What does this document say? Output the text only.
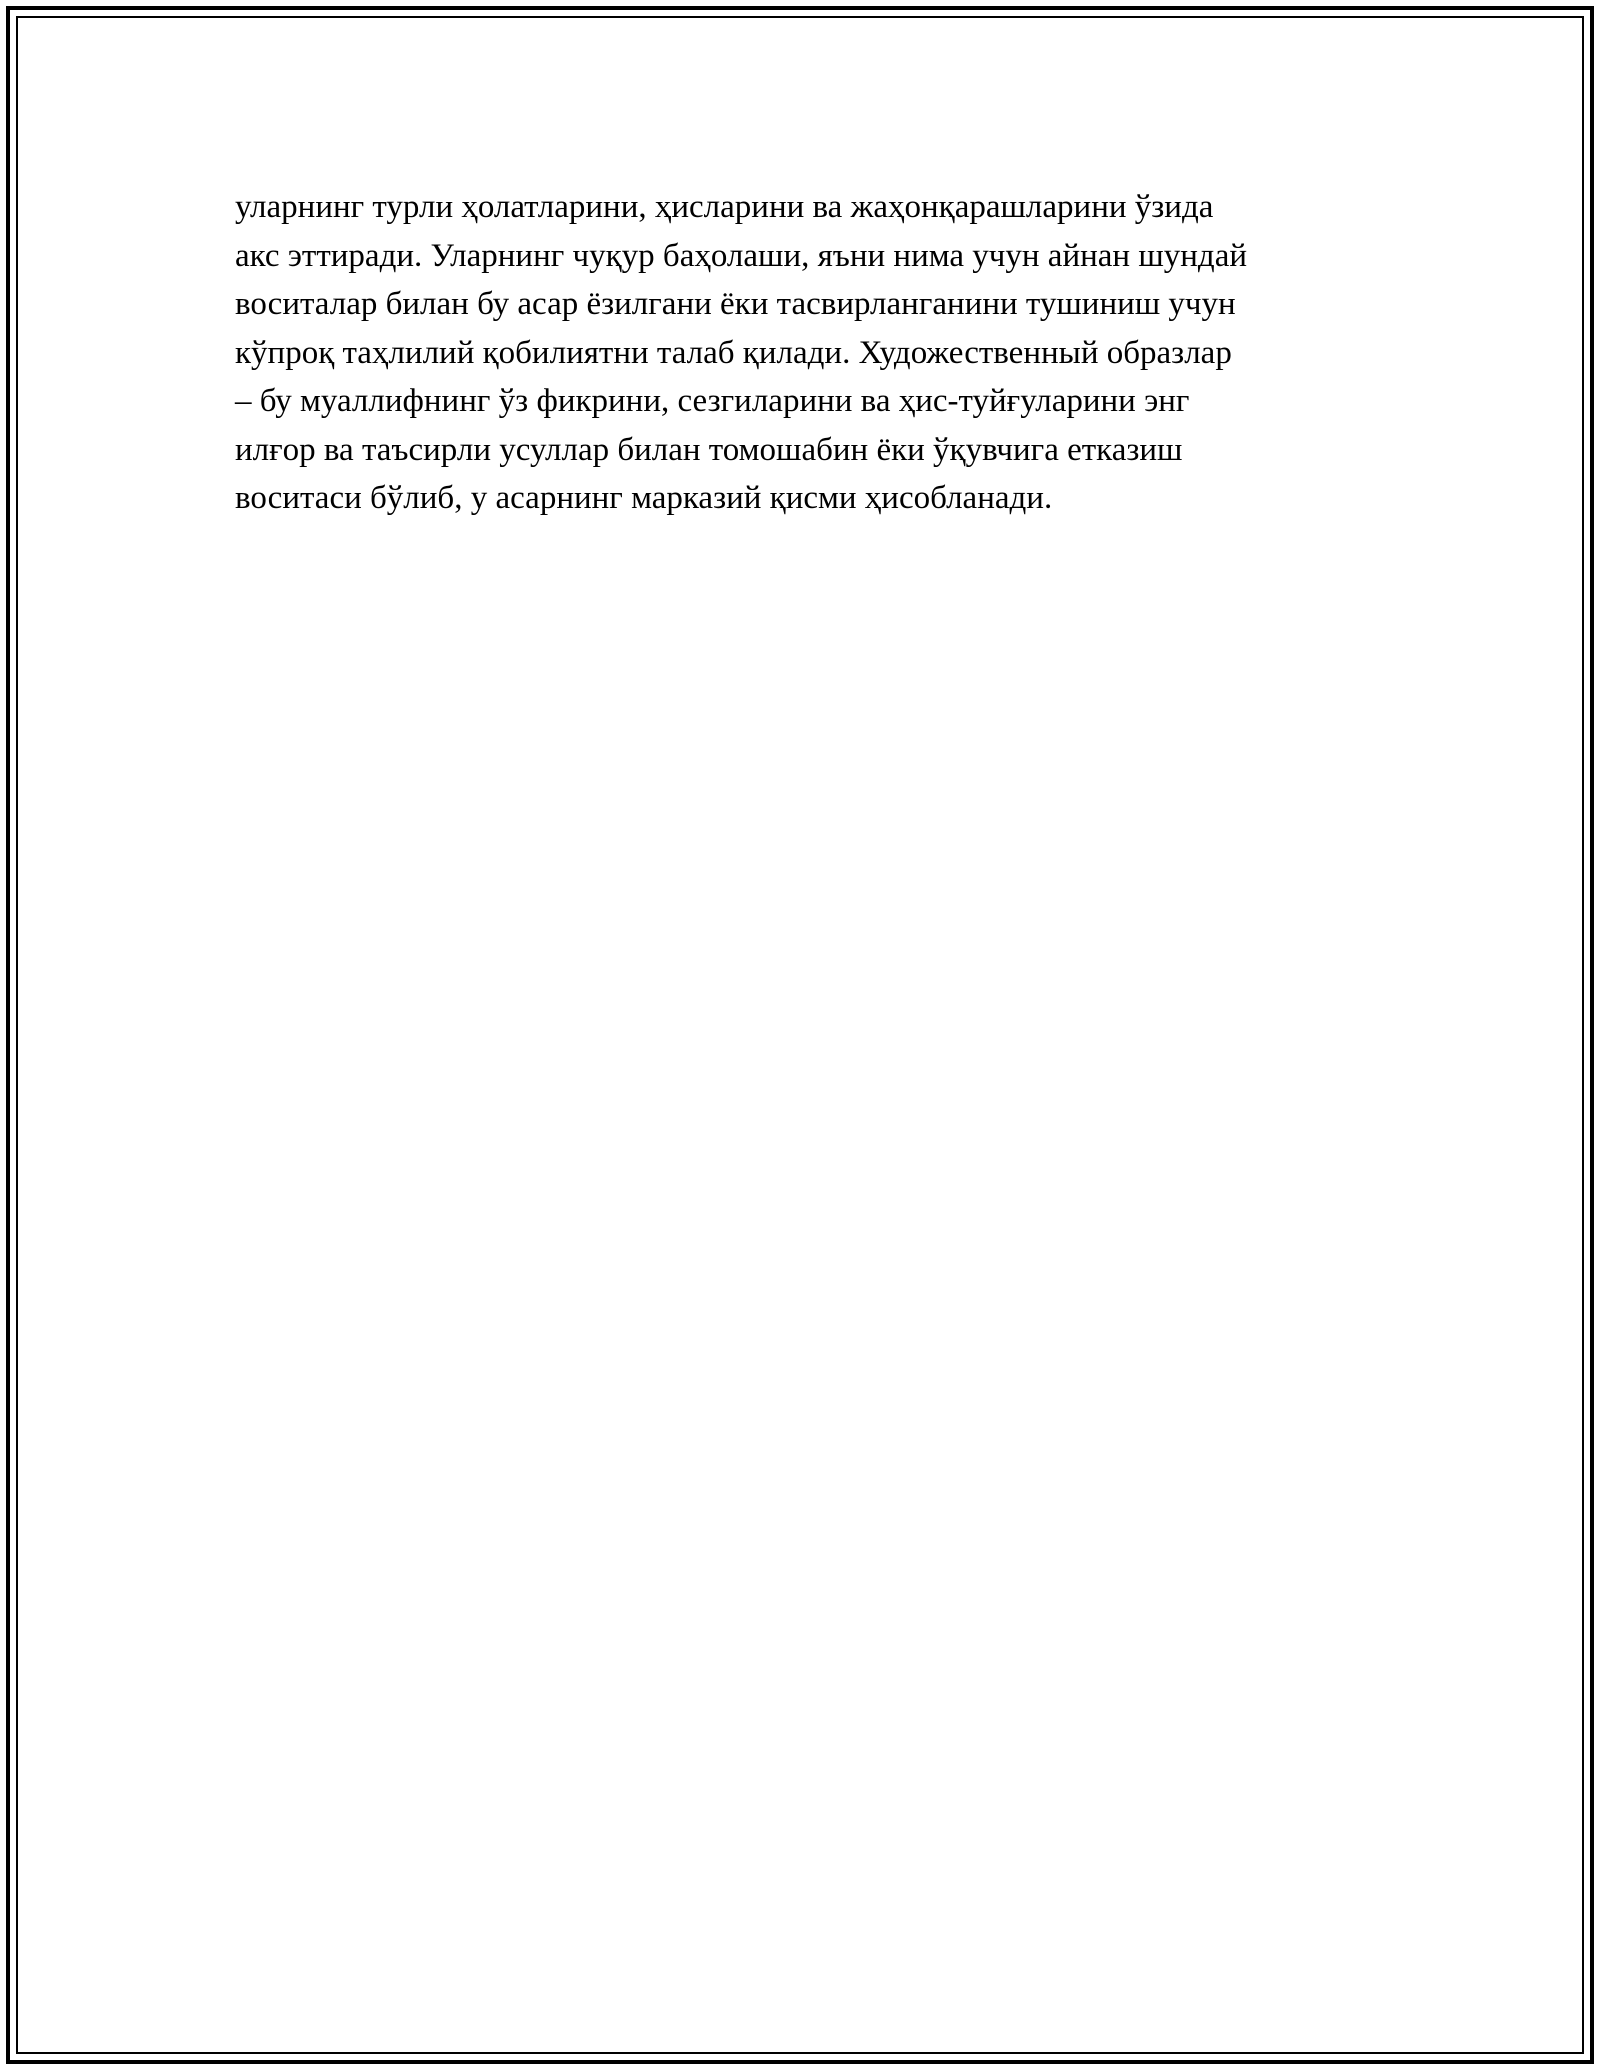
уларнинг турли ҳолатларини, ҳисларини ва жаҳонқарашларини ўзида
акс эттиради. Уларнинг чуқур баҳолаши, яъни нима учун айнан шундай
воситалар билан бу асар ёзилгани ёки тасвирланганини тушиниш учун
кўпроқ таҳлилий қобилиятни талаб қилади. Художественный образлар
– бу муаллифнинг ўз фикрини, сезгиларини ва ҳис-туйғуларини энг
илғор ва таъсирли усуллар билан томошабин ёки ўқувчига етказиш
воситаси бўлиб, у асарнинг марказий қисми ҳисобланади.
